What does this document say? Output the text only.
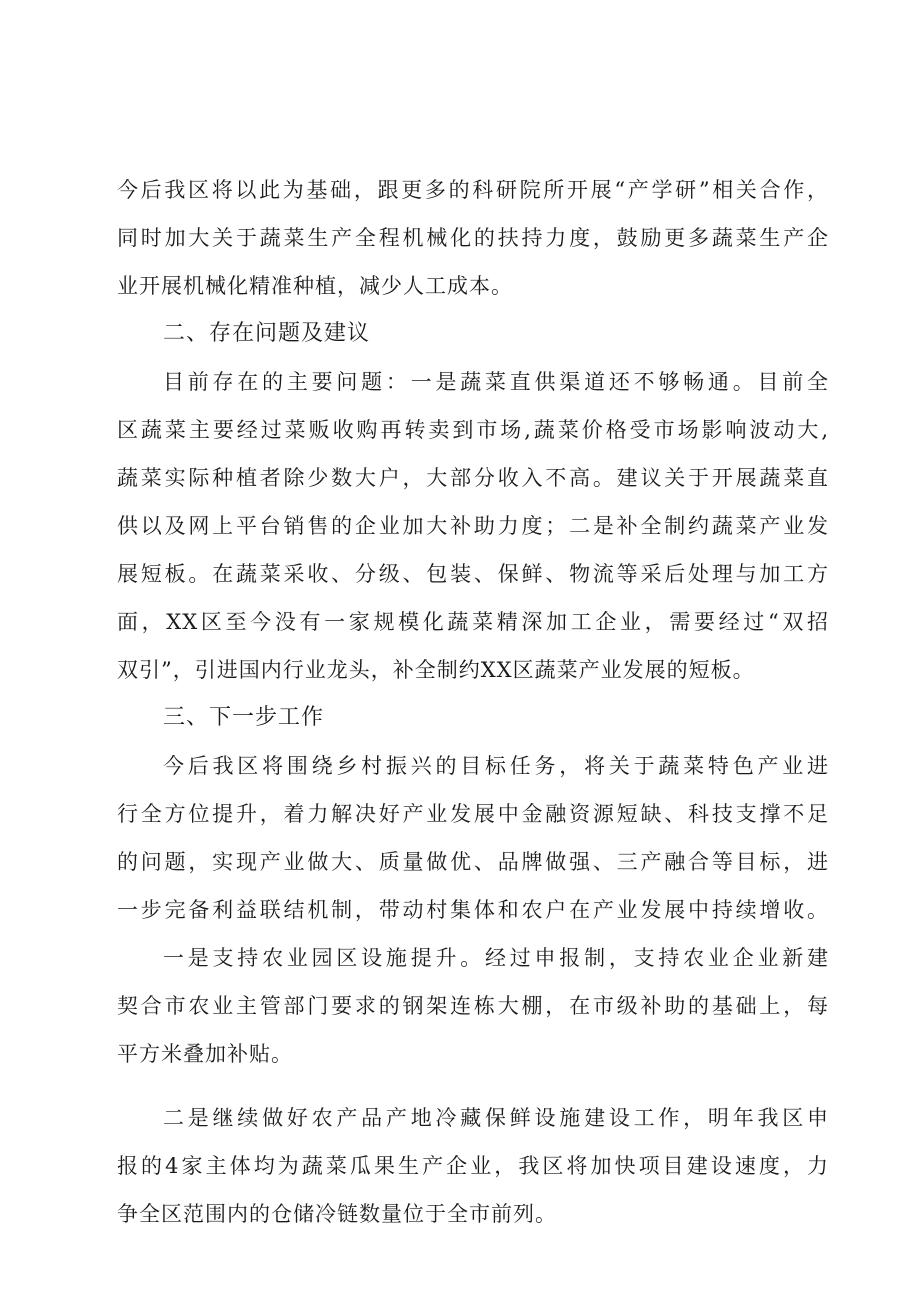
今后我区将以此为基础，跟更多的科研院所开展“产学研”相关合作，
同时加大关于蔬菜生产全程机械化的扶持力度，鼓励更多蔬菜生产企
业开展机械化精准种植，减少人工成本。
二、存在问题及建议
目前存在的主要问题：一是蔬菜直供渠道还不够畅通。目前全
区蔬菜主要经过菜贩收购再转卖到市场,蔬菜价格受市场影响波动大,
蔬菜实际种植者除少数大户，大部分收入不高。建议关于开展蔬菜直
供以及网上平台销售的企业加大补助力度；二是补全制约蔬菜产业发
展短板。在蔬菜采收、分级、包装、保鲜、物流等采后处理与加工方
面，XX区至今没有一家规模化蔬菜精深加工企业，需要经过“双招
双引”，引进国内行业龙头，补全制约XX区蔬菜产业发展的短板。
三、下一步工作
今后我区将围绕乡村振兴的目标任务，将关于蔬菜特色产业进
行全方位提升，着力解决好产业发展中金融资源短缺、科技支撑不足
的问题，实现产业做大、质量做优、品牌做强、三产融合等目标，进
一步完备利益联结机制，带动村集体和农户在产业发展中持续增收。
一是支持农业园区设施提升。经过申报制，支持农业企业新建
契合市农业主管部门要求的钢架连栋大棚，在市级补助的基础上，每
平方米叠加补贴。
二是继续做好农产品产地冷藏保鲜设施建设工作，明年我区申
报的4家主体均为蔬菜瓜果生产企业，我区将加快项目建设速度，力
争全区范围内的仓储冷链数量位于全市前列。
